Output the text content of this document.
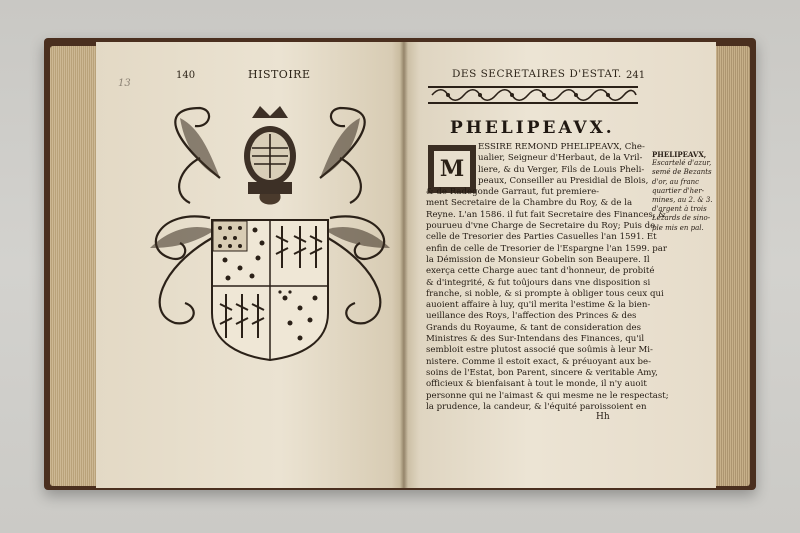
140	HISTOIRE
13
DES SECRETAIRES D'ESTAT. 241
PHELIPEAVX.
M
ESSIRE REMOND PHELIPEAVX, Che-
ualier, Seigneur d'Herbaut, de la Vril-
liere, & du Verger, Fils de Louis Pheli-
peaux, Conseiller au Presidial de Blois,
& de Radegonde Garraut, fut premiere-
ment Secretaire de la Chambre du Roy, & de la
Reyne. L'an 1586. il fut fait Secretaire des Finances, &
pourueu d'vne Charge de Secretaire du Roy; Puis de
celle de Tresorier des Parties Casuelles l'an 1591. Et
enfin de celle de Tresorier de l'Espargne l'an 1599. par
la Démission de Monsieur Gobelin son Beaupere. Il
exerça cette Charge auec tant d'honneur, de probité
& d'integrité, & fut toûjours dans vne disposition si
franche, si noble, & si prompte à obliger tous ceux qui
auoient affaire à luy, qu'il merita l'estime & la bien-
ueillance des Roys, l'affection des Princes & des
Grands du Royaume, & tant de consideration des
Ministres & des Sur-Intendans des Finances, qu'il
sembloit estre plutost associé que soûmis à leur Mi-
nistere. Comme il estoit exact, & préuoyant aux be-
soins de l'Estat, bon Parent, sincere & veritable Amy,
officieux & bienfaisant à tout le monde, il n'y auoit
personne qui ne l'aimast & qui mesme ne le respectast;
la prudence, la candeur, & l'équité paroissoient en
PHELIPEAVX,
Escartelé d'azur,
semé de Bezants
d'or, au franc
quartier d'her-
mines, au 2. & 3.
d'argent à trois
Lezards de sino-
ple mis en pal.
Hh
